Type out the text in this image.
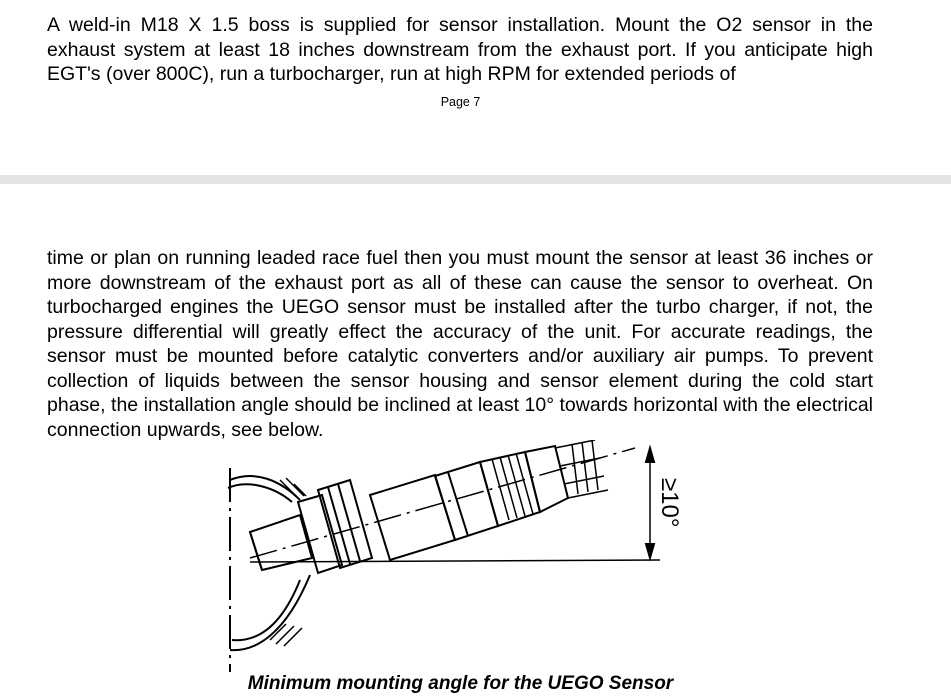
A weld-in M18 X 1.5 boss is supplied for sensor installation. Mount the O2 sensor in the exhaust system at least 18 inches downstream from the exhaust port. If you anticipate high EGT's (over 800C), run a turbocharger, run at high RPM for extended periods of

Page 7

time or plan on running leaded race fuel then you must mount the sensor at least 36 inches or more downstream of the exhaust port as all of these can cause the sensor to overheat. On turbocharged engines the UEGO sensor must be installed after the turbo charger, if not, the pressure differential will greatly effect the accuracy of the unit. For accurate readings, the sensor must be mounted before catalytic converters and/or auxiliary air pumps. To prevent collection of liquids between the sensor housing and sensor element during the cold start phase, the installation angle should be inclined at least 10° towards horizontal with the electrical connection upwards, see below.

≥10°
Minimum mounting angle for the UEGO Sensor
